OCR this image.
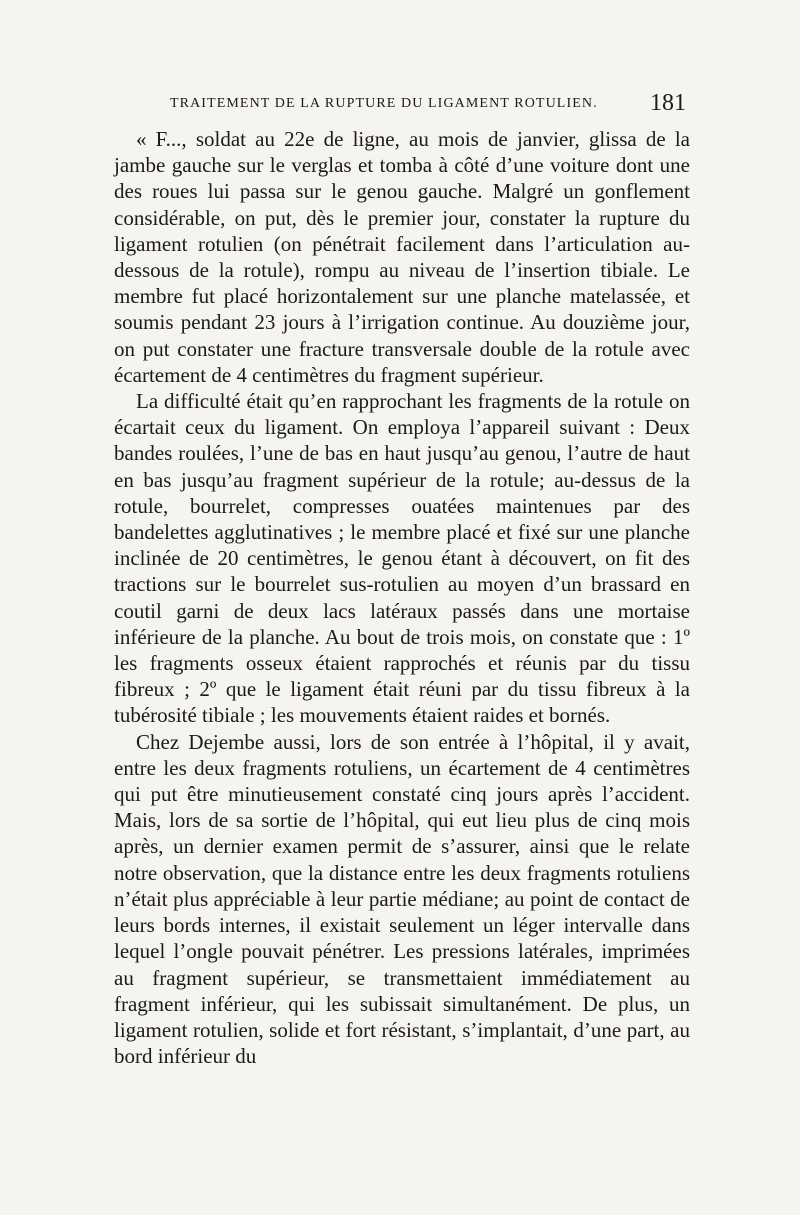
TRAITEMENT DE LA RUPTURE DU LIGAMENT ROTULIEN. 181

« F..., soldat au 22e de ligne, au mois de janvier, glissa de la jambe gauche sur le verglas et tomba à côté d’une voiture dont une des roues lui passa sur le genou gauche. Malgré un gonflement considérable, on put, dès le premier jour, constater la rupture du ligament rotulien (on pénétrait facilement dans l’articulation au-dessous de la rotule), rompu au niveau de l’insertion tibiale. Le membre fut placé horizontalement sur une planche matelassée, et soumis pendant 23 jours à l’irrigation continue. Au douzième jour, on put constater une fracture transversale double de la rotule avec écartement de 4 centimètres du fragment supérieur.

La difficulté était qu’en rapprochant les fragments de la rotule on écartait ceux du ligament. On employa l’appareil suivant : Deux bandes roulées, l’une de bas en haut jusqu’au genou, l’autre de haut en bas jusqu’au fragment supérieur de la rotule; au-dessus de la rotule, bourrelet, compresses ouatées maintenues par des bandelettes agglutinatives ; le membre placé et fixé sur une planche inclinée de 20 centimètres, le genou étant à découvert, on fit des tractions sur le bourrelet sus-rotulien au moyen d’un brassard en coutil garni de deux lacs latéraux passés dans une mortaise inférieure de la planche. Au bout de trois mois, on constate que : 1º les fragments osseux étaient rapprochés et réunis par du tissu fibreux ; 2º que le ligament était réuni par du tissu fibreux à la tubérosité tibiale ; les mouvements étaient raides et bornés.

Chez Dejembe aussi, lors de son entrée à l’hôpital, il y avait, entre les deux fragments rotuliens, un écartement de 4 centimètres qui put être minutieusement constaté cinq jours après l’accident. Mais, lors de sa sortie de l’hôpital, qui eut lieu plus de cinq mois après, un dernier examen permit de s’assurer, ainsi que le relate notre observation, que la distance entre les deux fragments rotuliens n’était plus appréciable à leur partie médiane; au point de contact de leurs bords internes, il existait seulement un léger intervalle dans lequel l’ongle pouvait pénétrer. Les pressions latérales, imprimées au fragment supérieur, se transmettaient immédiatement au fragment inférieur, qui les subissait simultanément. De plus, un ligament rotulien, solide et fort résistant, s’implantait, d’une part, au bord inférieur du
